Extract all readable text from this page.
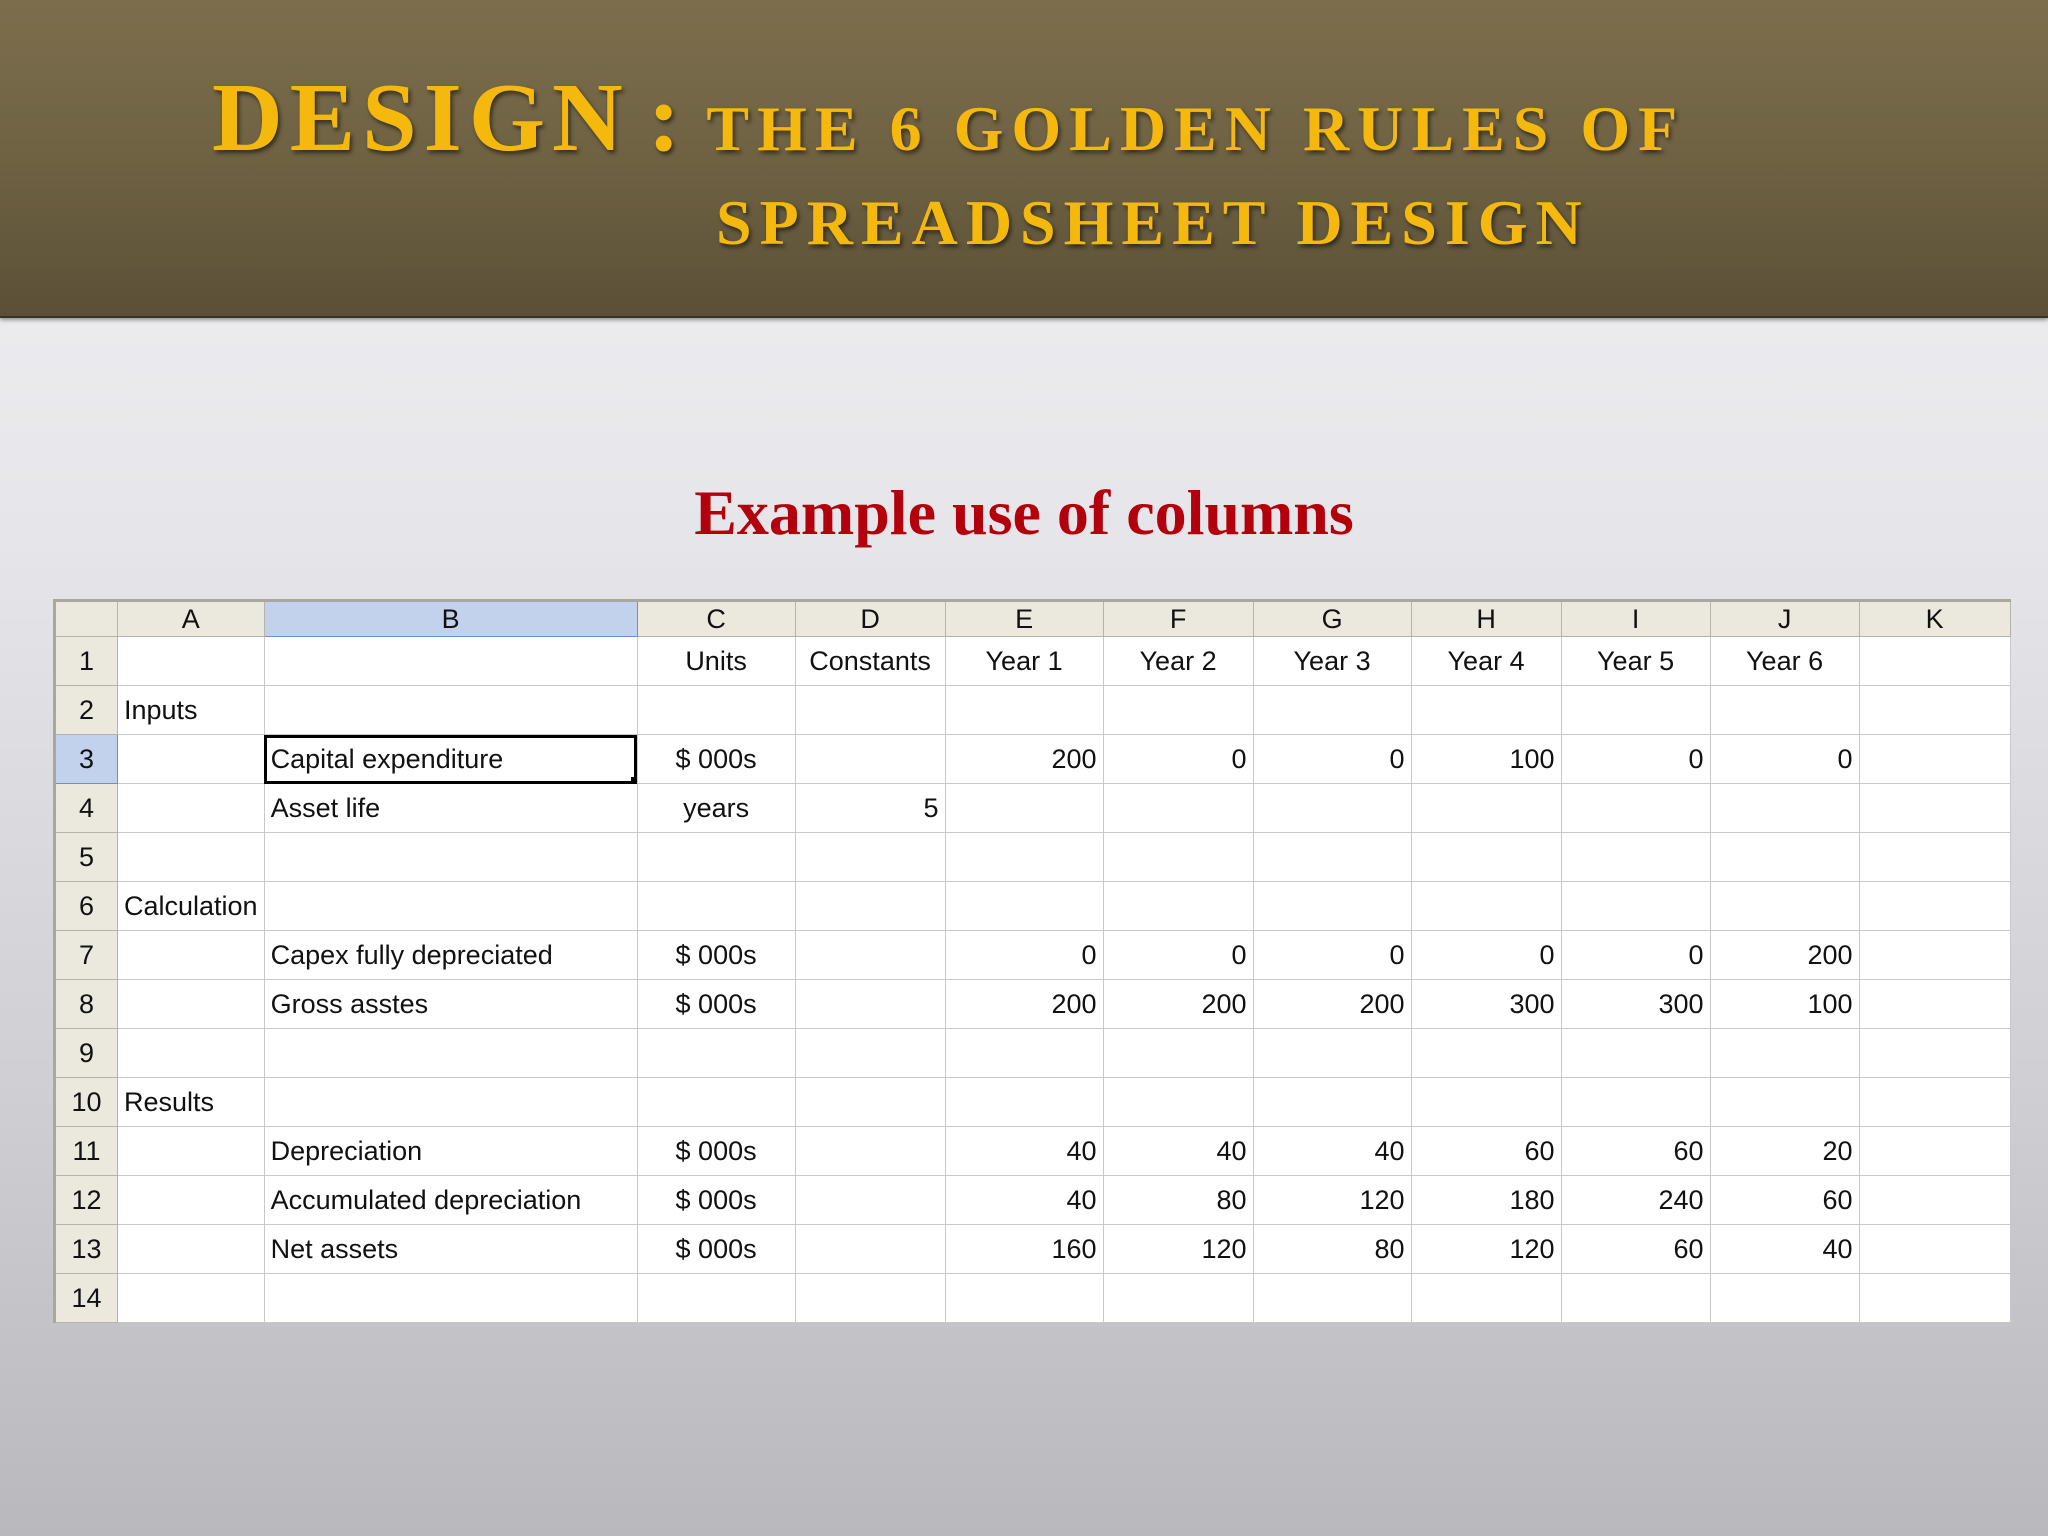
DESIGN : THE 6 GOLDEN RULES OF
SPREADSHEET DESIGN
Example use of columns
	A	B	C	D	E	F	G	H	I	J	K
1			Units	Constants	Year 1	Year 2	Year 3	Year 4	Year 5	Year 6	
2	Inputs										
3		Capital expenditure	$ 000s		200	0	0	100	0	0	
4		Asset life	years	5							
5											
6	Calculation										
7		Capex fully depreciated	$ 000s		0	0	0	0	0	200	
8		Gross asstes	$ 000s		200	200	200	300	300	100	
9											
10	Results										
11		Depreciation	$ 000s		40	40	40	60	60	20	
12		Accumulated depreciation	$ 000s		40	80	120	180	240	60	
13		Net assets	$ 000s		160	120	80	120	60	40	
14											
